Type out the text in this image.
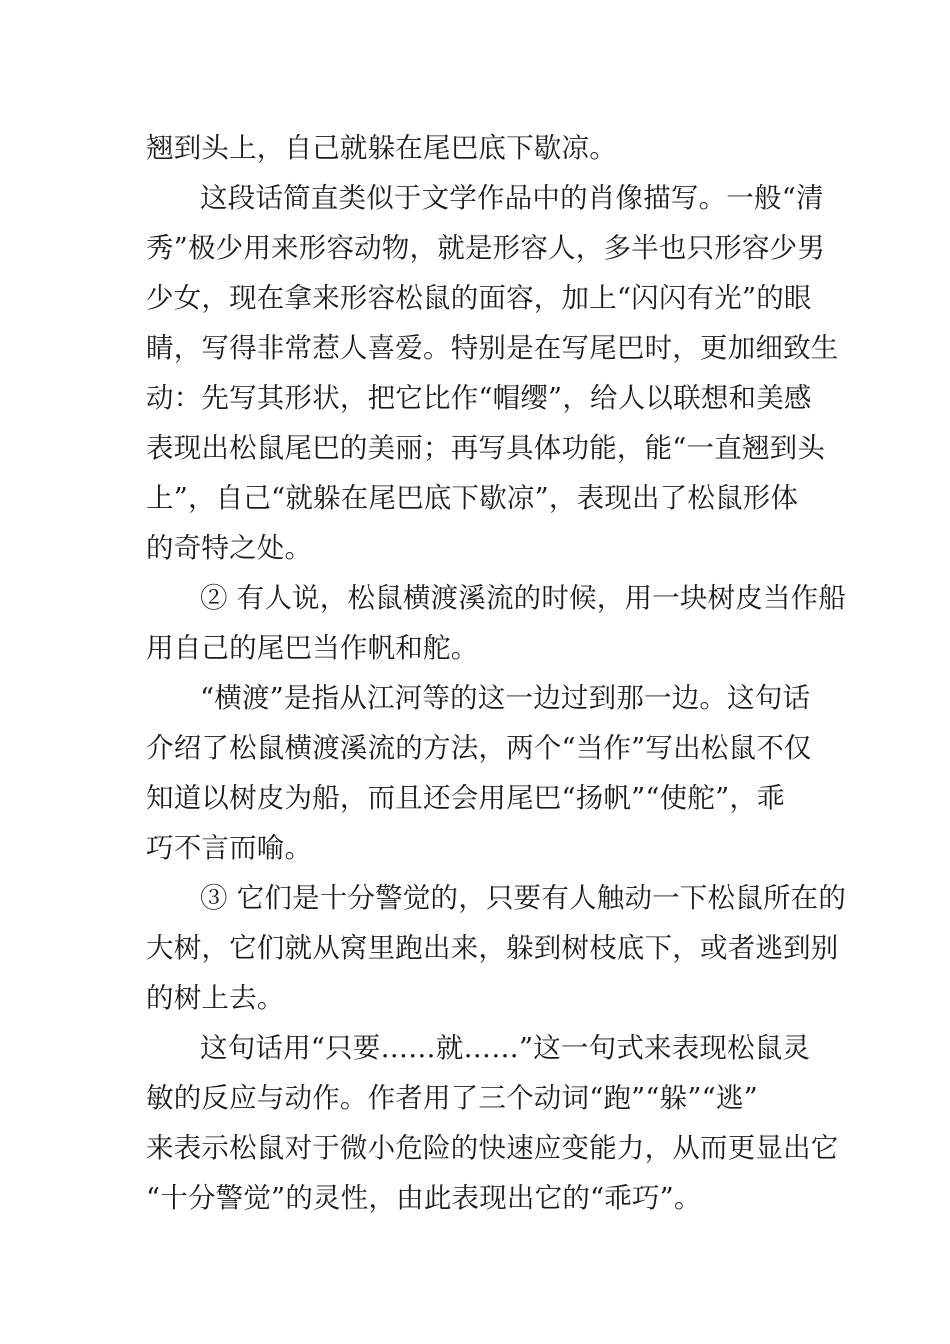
翘到头上，自己就躲在尾巴底下歇凉。
这段话简直类似于文学作品中的肖像描写。一般“清
秀”极少用来形容动物，就是形容人，多半也只形容少男
少女，现在拿来形容松鼠的面容，加上“闪闪有光”的眼
睛，写得非常惹人喜爱。特别是在写尾巴时，更加细致生
动：先写其形状，把它比作“帽缨”，给人以联想和美感
表现出松鼠尾巴的美丽；再写具体功能，能“一直翘到头
上”，自己“就躲在尾巴底下歇凉”，表现出了松鼠形体
的奇特之处。
② 有人说，松鼠横渡溪流的时候，用一块树皮当作船
用自己的尾巴当作帆和舵。
“横渡”是指从江河等的这一边过到那一边。这句话
介绍了松鼠横渡溪流的方法，两个“当作”写出松鼠不仅
知道以树皮为船，而且还会用尾巴“扬帆”“使舵”，乖
巧不言而喻。
③ 它们是十分警觉的，只要有人触动一下松鼠所在的
大树，它们就从窝里跑出来，躲到树枝底下，或者逃到别
的树上去。
这句话用“只要……就……”这一句式来表现松鼠灵
敏的反应与动作。作者用了三个动词“跑”“躲”“逃”
来表示松鼠对于微小危险的快速应变能力，从而更显出它
“十分警觉”的灵性，由此表现出它的“乖巧”。
